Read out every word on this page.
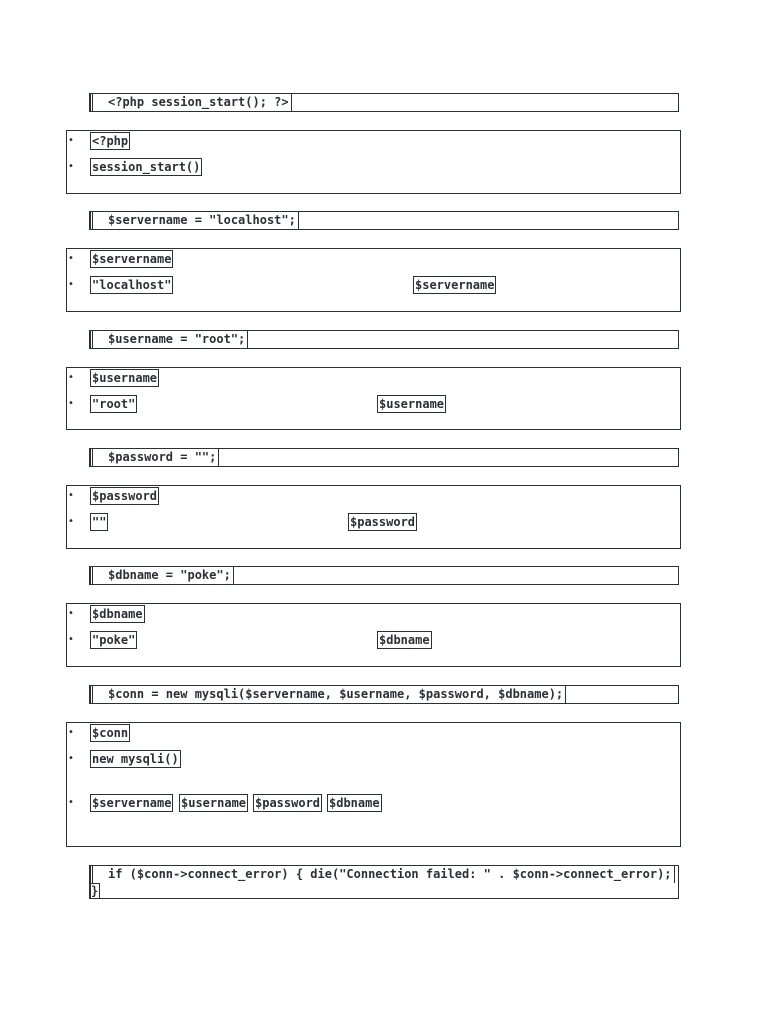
<?php session_start(); ?>
• <?php
• session_start()
$servername = "localhost";
• $servername
• "localhost"	$servername
$username = "root";
• $username
• "root"	$username
$password = "";
• $password
• ""	$password
$dbname = "poke";
• $dbname
• "poke"	$dbname
$conn = new mysqli($servername, $username, $password, $dbname);
• $conn
• new mysqli()
• $servername $username $password $dbname
if ($conn->connect_error) { die("Connection failed: " . $conn->connect_error);
}
